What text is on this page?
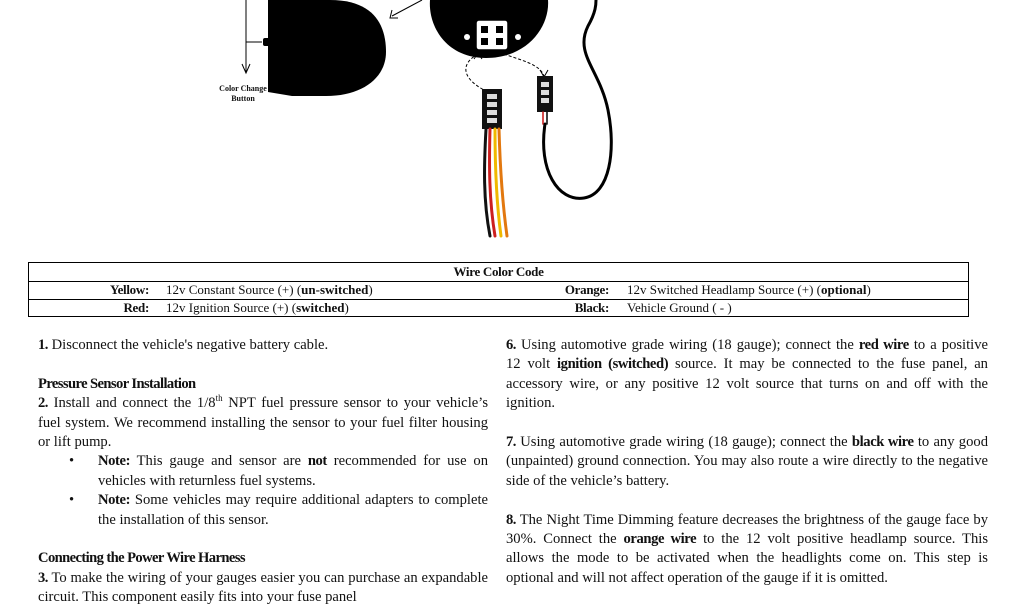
Color Change
Button
Wire Color Code
Yellow: 12v Constant Source (+) (un-switched)	Orange: 12v Switched Headlamp Source (+) (optional)
Red: 12v Ignition Source (+) (switched)	Black: Vehicle Ground ( - )

1. Disconnect the vehicle's negative battery cable.

Pressure Sensor Installation

2. Install and connect the 1/8th NPT fuel pressure sensor to your vehicle’s fuel system. We recommend installing the sensor to your fuel filter housing or lift pump.

• Note: This gauge and sensor are not recommended for use on vehicles with returnless fuel systems.
• Note: Some vehicles may require additional adapters to complete the installation of this sensor.

Connecting the Power Wire Harness

3. To make the wiring of your gauges easier you can purchase an expandable circuit. This component easily fits into your fuse panel

6. Using automotive grade wiring (18 gauge); connect the red wire to a positive 12 volt ignition (switched) source. It may be connected to the fuse panel, an accessory wire, or any positive 12 volt source that turns on and off with the ignition.

7. Using automotive grade wiring (18 gauge); connect the black wire to any good (unpainted) ground connection. You may also route a wire directly to the negative side of the vehicle’s battery.

8. The Night Time Dimming feature decreases the brightness of the gauge face by 30%. Connect the orange wire to the 12 volt positive headlamp source. This allows the mode to be activated when the headlights come on. This step is optional and will not affect operation of the gauge if it is omitted.
